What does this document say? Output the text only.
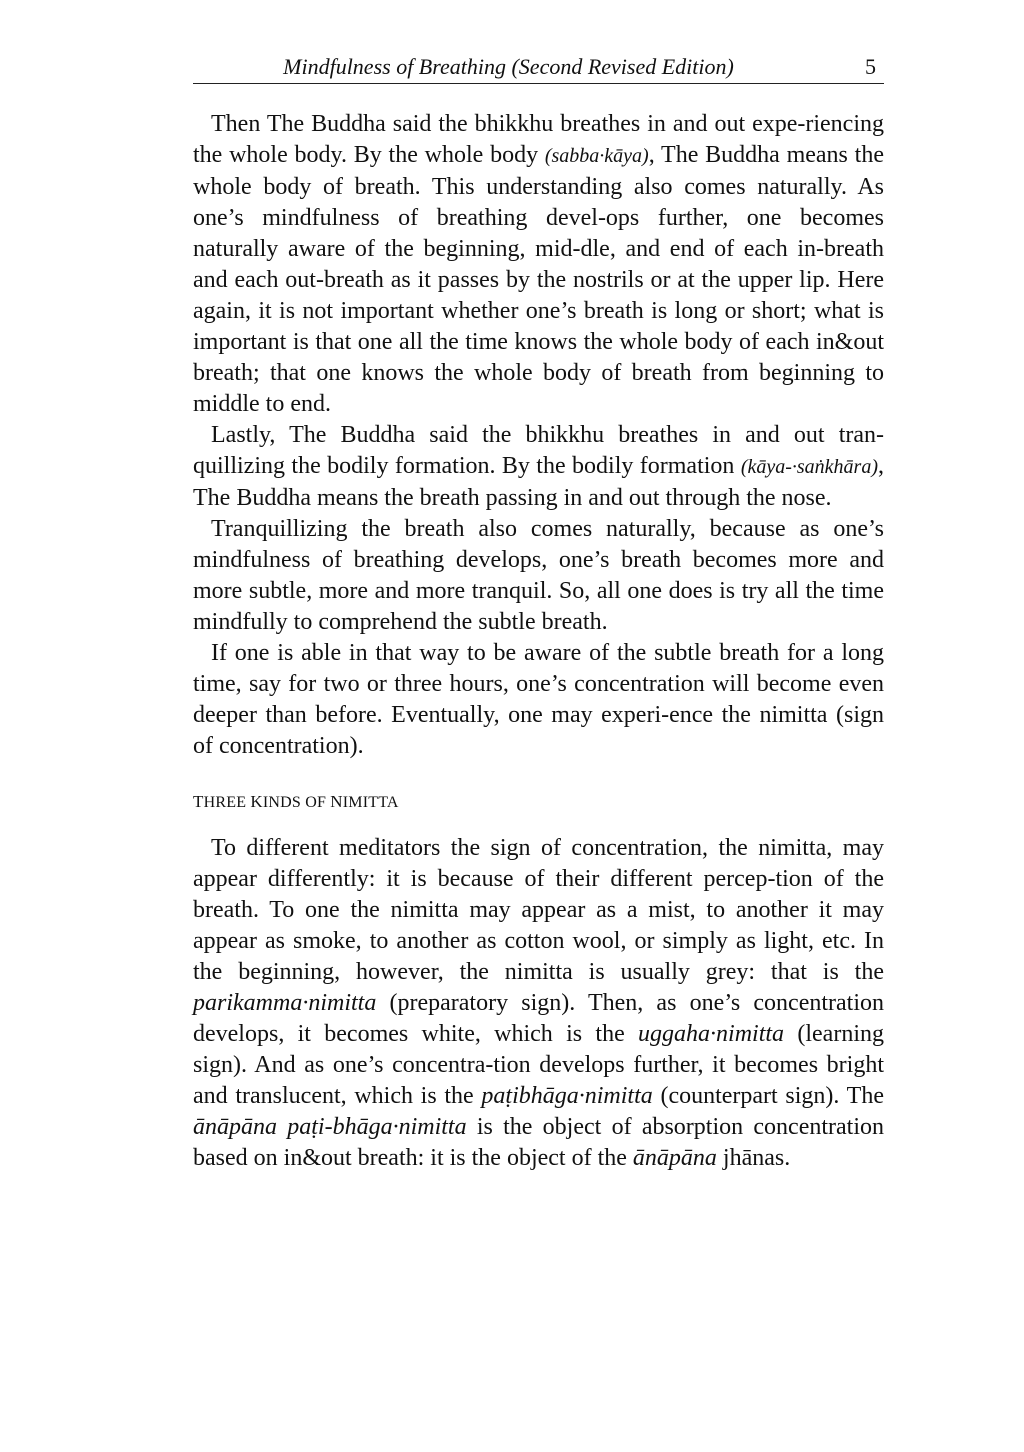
Mindfulness of Breathing (Second Revised Edition)	5

Then The Buddha said the bhikkhu breathes in and out expe-riencing the whole body. By the whole body (sabba·kāya), The Buddha means the whole body of breath. This understanding also comes naturally. As one’s mindfulness of breathing devel-ops further, one becomes naturally aware of the beginning, mid-dle, and end of each in-breath and each out-breath as it passes by the nostrils or at the upper lip. Here again, it is not important whether one’s breath is long or short; what is important is that one all the time knows the whole body of each in&out breath; that one knows the whole body of breath from beginning to middle to end.

Lastly, The Buddha said the bhikkhu breathes in and out tran-quillizing the bodily formation. By the bodily formation (kāya-·saṅkhāra), The Buddha means the breath passing in and out through the nose.

Tranquillizing the breath also comes naturally, because as one’s mindfulness of breathing develops, one’s breath becomes more and more subtle, more and more tranquil. So, all one does is try all the time mindfully to comprehend the subtle breath.

If one is able in that way to be aware of the subtle breath for a long time, say for two or three hours, one’s concentration will become even deeper than before. Eventually, one may experi-ence the nimitta (sign of concentration).

THREE KINDS OF NIMITTA

To different meditators the sign of concentration, the nimitta, may appear differently: it is because of their different percep-tion of the breath. To one the nimitta may appear as a mist, to another it may appear as smoke, to another as cotton wool, or simply as light, etc. In the beginning, however, the nimitta is usually grey: that is the parikamma·nimitta (preparatory sign). Then, as one’s concentration develops, it becomes white, which is the uggaha·nimitta (learning sign). And as one’s concentra-tion develops further, it becomes bright and translucent, which is the paṭibhāga·nimitta (counterpart sign). The ānāpāna paṭi-bhāga·nimitta is the object of absorption concentration based on in&out breath: it is the object of the ānāpāna jhānas.
